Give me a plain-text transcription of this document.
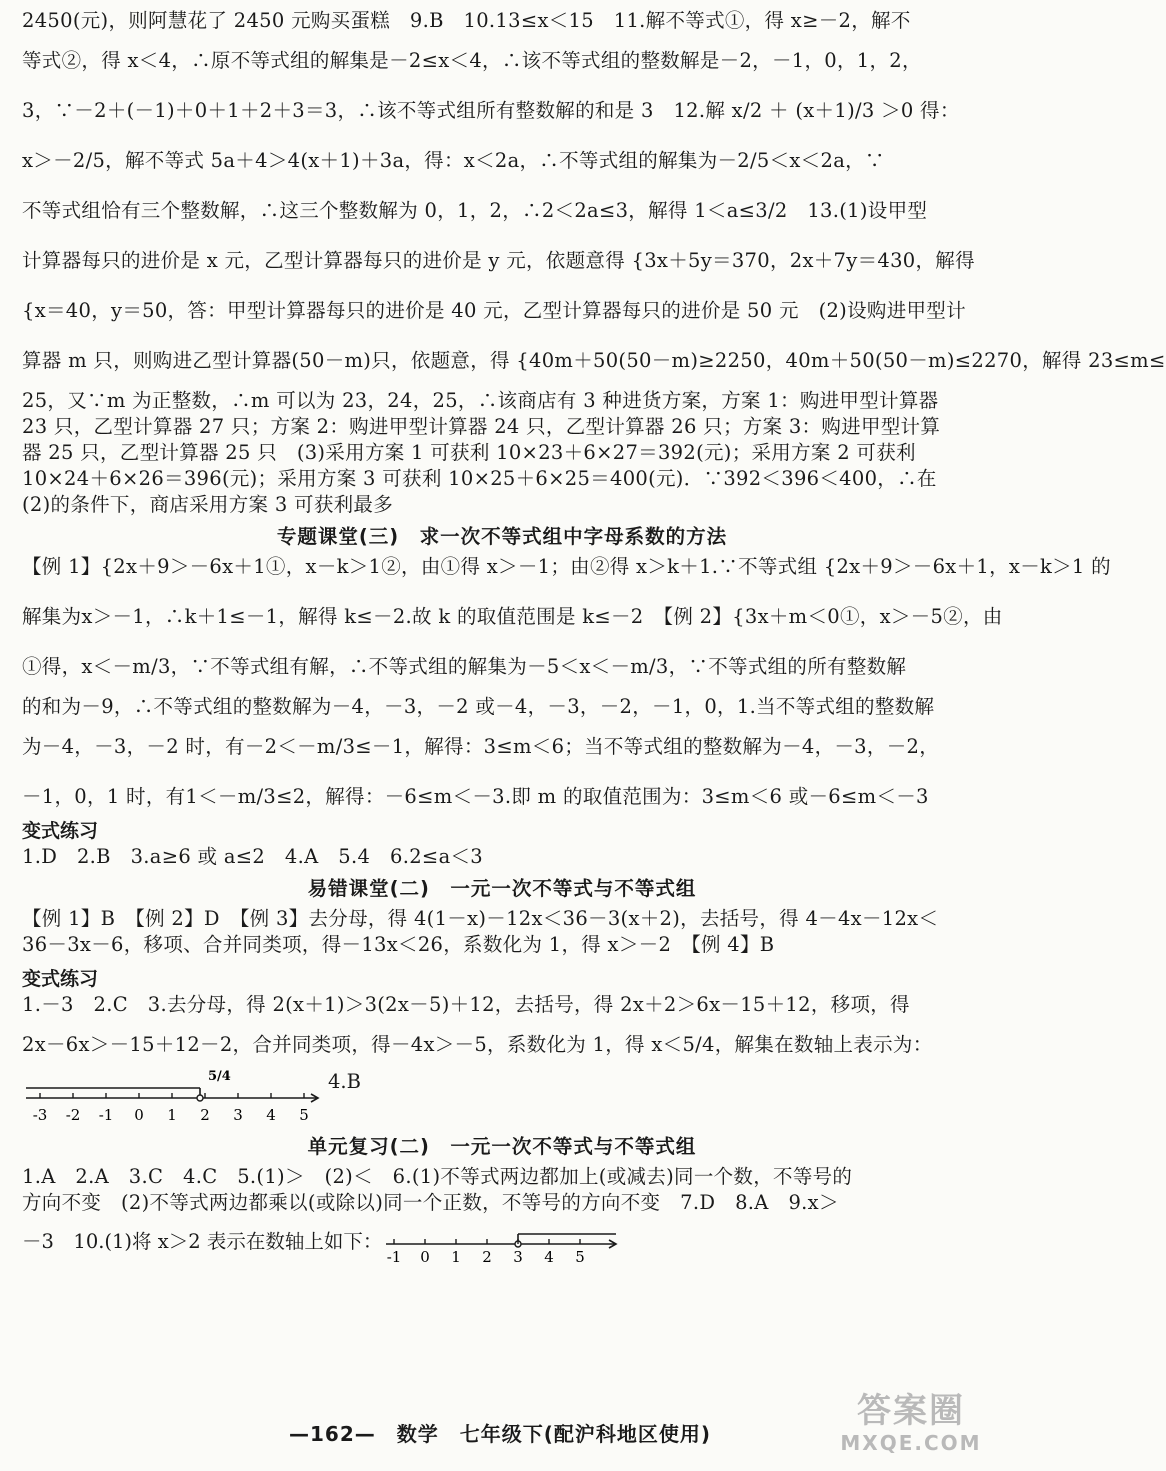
2450(元)，则阿慧花了 2450 元购买蛋糕　9.B　10.13≤x＜15　11.解不等式①，得 x≥－2，解不
等式②，得 x＜4，∴原不等式组的解集是－2≤x＜4，∴该不等式组的整数解是－2，－1，0，1，2，
3，∵－2＋(－1)＋0＋1＋2＋3＝3，∴该不等式组所有整数解的和是 3　12.解 x/2 ＋ (x＋1)/3 ＞0 得：
x＞－2/5，解不等式 5a＋4＞4(x＋1)＋3a，得：x＜2a，∴不等式组的解集为－2/5＜x＜2a，∵
不等式组恰有三个整数解，∴这三个整数解为 0，1，2，∴2＜2a≤3，解得 1＜a≤3/2　13.(1)设甲型
计算器每只的进价是 x 元，乙型计算器每只的进价是 y 元，依题意得 {3x＋5y＝370，2x＋7y＝430，解得
{x＝40，y＝50，答：甲型计算器每只的进价是 40 元，乙型计算器每只的进价是 50 元　(2)设购进甲型计
算器 m 只，则购进乙型计算器(50－m)只，依题意，得 {40m＋50(50－m)≥2250，40m＋50(50－m)≤2270，解得 23≤m≤
25，又∵m 为正整数，∴m 可以为 23，24，25，∴该商店有 3 种进货方案，方案 1：购进甲型计算器
23 只，乙型计算器 27 只；方案 2：购进甲型计算器 24 只，乙型计算器 26 只；方案 3：购进甲型计算
器 25 只，乙型计算器 25 只　(3)采用方案 1 可获利 10×23＋6×27＝392(元)；采用方案 2 可获利
10×24＋6×26＝396(元)；采用方案 3 可获利 10×25＋6×25＝400(元)．∵392＜396＜400，∴在
(2)的条件下，商店采用方案 3 可获利最多
专题课堂(三)　求一次不等式组中字母系数的方法
【例 1】{2x＋9＞－6x＋1①，x－k＞1②，由①得 x＞－1；由②得 x＞k＋1.∵不等式组 {2x＋9＞－6x＋1，x－k＞1 的
解集为x＞－1，∴k＋1≤－1，解得 k≤－2.故 k 的取值范围是 k≤－2　【例 2】{3x＋m＜0①，x＞－5②，由
①得，x＜－m/3，∵不等式组有解，∴不等式组的解集为－5＜x＜－m/3，∵不等式组的所有整数解
的和为－9，∴不等式组的整数解为－4，－3，－2 或－4，－3，－2，－1，0，1.当不等式组的整数解
为－4，－3，－2 时，有－2＜－m/3≤－1，解得：3≤m＜6；当不等式组的整数解为－4，－3，－2，
－1，0，1 时，有1＜－m/3≤2，解得：－6≤m＜－3.即 m 的取值范围为：3≤m＜6 或－6≤m＜－3
变式练习
1.D　2.B　3.a≥6 或 a≤2　4.A　5.4　6.2≤a＜3
易错课堂(二)　一元一次不等式与不等式组
【例 1】B　【例 2】D　【例 3】去分母，得 4(1－x)－12x＜36－3(x＋2)，去括号，得 4－4x－12x＜
36－3x－6，移项、合并同类项，得－13x＜26，系数化为 1，得 x＞－2　【例 4】B
变式练习
1.－3　2.C　3.去分母，得 2(x＋1)＞3(2x－5)＋12，去括号，得 2x＋2＞6x－15＋12，移项，得
2x－6x＞－15＋12－2，合并同类项，得－4x＞－5，系数化为 1，得 x＜5/4，解集在数轴上表示为：
-3 -2 -1 0 1 2 3 4 5
5/4	4.B
单元复习(二)　一元一次不等式与不等式组
1.A　2.A　3.C　4.C　5.(1)＞　(2)＜　6.(1)不等式两边都加上(或减去)同一个数，不等号的
方向不变　(2)不等式两边都乘以(或除以)同一个正数，不等号的方向不变　7.D　8.A　9.x＞
－3　10.(1)将 x＞2 表示在数轴上如下：
-1 0 1 2 3 4 5
—162—　数学　七年级下(配沪科地区使用)
答案圈
MXQE.COM
